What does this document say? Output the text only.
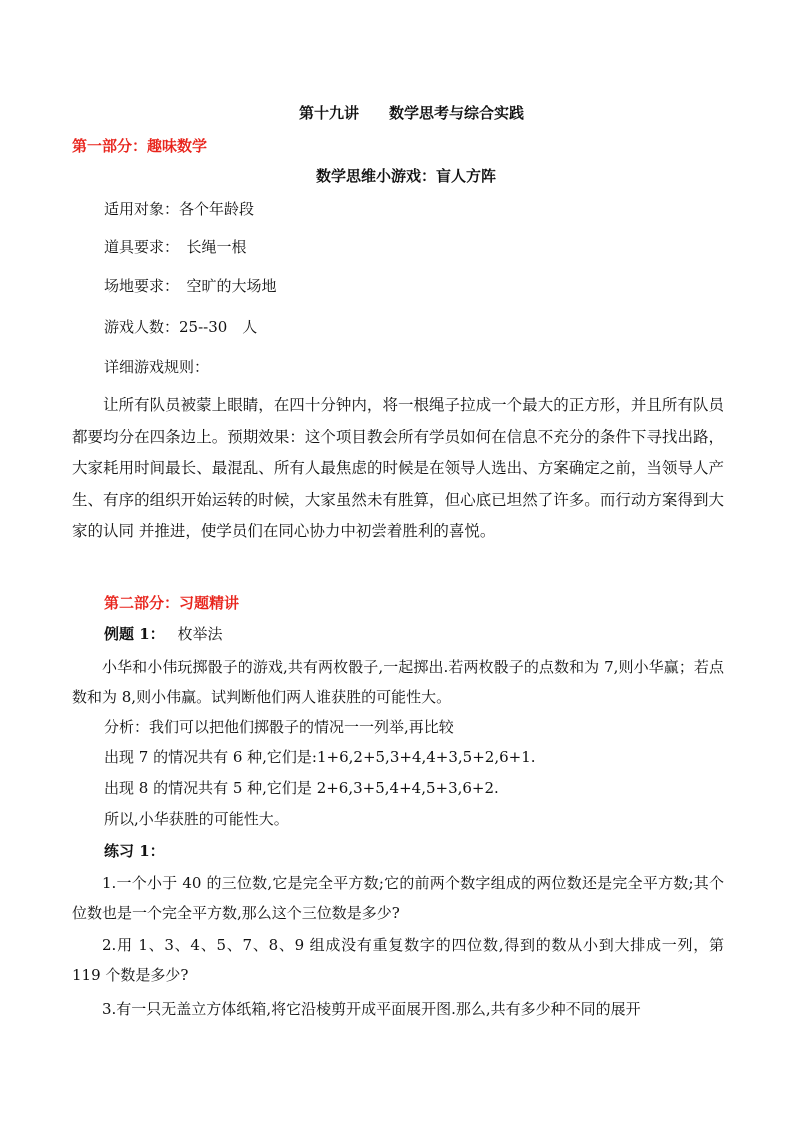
第十九讲　　数学思考与综合实践
第一部分：趣味数学
数学思维小游戏：盲人方阵
适用对象：各个年龄段
道具要求：　长绳一根
场地要求：　空旷的大场地
游戏人数：25--30　人
详细游戏规则：
让所有队员被蒙上眼睛，在四十分钟内，将一根绳子拉成一个最大的正方形，并且所有队员都要均分在四条边上。预期效果：这个项目教会所有学员如何在信息不充分的条件下寻找出路，大家耗用时间最长、最混乱、所有人最焦虑的时候是在领导人选出、方案确定之前，当领导人产生、有序的组织开始运转的时候，大家虽然未有胜算，但心底已坦然了许多。而行动方案得到大家的认同 并推进，使学员们在同心协力中初尝着胜利的喜悦。
第二部分：习题精讲
例题 1： 枚举法
小华和小伟玩掷骰子的游戏,共有两枚骰子,一起掷出.若两枚骰子的点数和为 7,则小华赢；若点数和为 8,则小伟赢。试判断他们两人谁获胜的可能性大。
分析：我们可以把他们掷骰子的情况一一列举,再比较
出现 7 的情况共有 6 种,它们是:1+6,2+5,3+4,4+3,5+2,6+1.
出现 8 的情况共有 5 种,它们是 2+6,3+5,4+4,5+3,6+2.
所以,小华获胜的可能性大。
练习 1：
1.一个小于 40 的三位数,它是完全平方数;它的前两个数字组成的两位数还是完全平方数;其个位数也是一个完全平方数,那么这个三位数是多少?
2.用 1、3、4、5、7、8、9 组成没有重复数字的四位数,得到的数从小到大排成一列，第 119 个数是多少?
3.有一只无盖立方体纸箱,将它沿棱剪开成平面展开图.那么,共有多少种不同的展开
